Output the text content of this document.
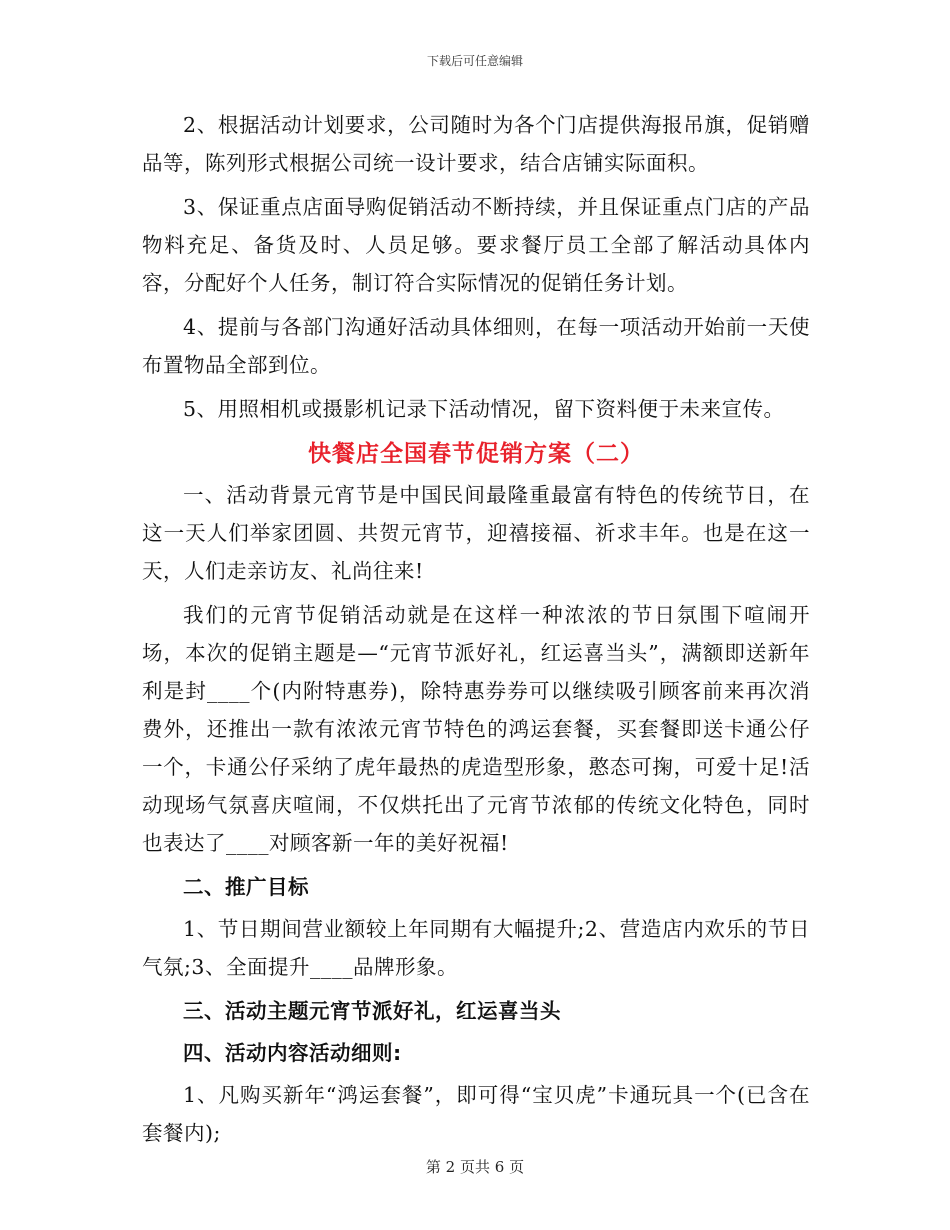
下载后可任意编辑

2、根据活动计划要求，公司随时为各个门店提供海报吊旗，促销赠品等，陈列形式根据公司统一设计要求，结合店铺实际面积。

3、保证重点店面导购促销活动不断持续，并且保证重点门店的产品物料充足、备货及时、人员足够。要求餐厅员工全部了解活动具体内容，分配好个人任务，制订符合实际情况的促销任务计划。

4、提前与各部门沟通好活动具体细则，在每一项活动开始前一天使布置物品全部到位。

5、用照相机或摄影机记录下活动情况，留下资料便于未来宣传。

快餐店全国春节促销方案（二）

一、活动背景元宵节是中国民间最隆重最富有特色的传统节日，在这一天人们举家团圆、共贺元宵节，迎禧接福、祈求丰年。也是在这一天，人们走亲访友、礼尚往来!

我们的元宵节促销活动就是在这样一种浓浓的节日氛围下喧闹开场，本次的促销主题是—“元宵节派好礼，红运喜当头”，满额即送新年利是封____个(内附特惠券)，除特惠券券可以继续吸引顾客前来再次消费外，还推出一款有浓浓元宵节特色的鸿运套餐，买套餐即送卡通公仔一个，卡通公仔采纳了虎年最热的虎造型形象，憨态可掬，可爱十足!活动现场气氛喜庆喧闹，不仅烘托出了元宵节浓郁的传统文化特色，同时也表达了____对顾客新一年的美好祝福!

二、推广目标

1、节日期间营业额较上年同期有大幅提升;2、营造店内欢乐的节日气氛;3、全面提升____品牌形象。

三、活动主题元宵节派好礼，红运喜当头
四、活动内容活动细则:

1、凡购买新年“鸿运套餐”，即可得“宝贝虎”卡通玩具一个(已含在套餐内);

第 2 页共 6 页
